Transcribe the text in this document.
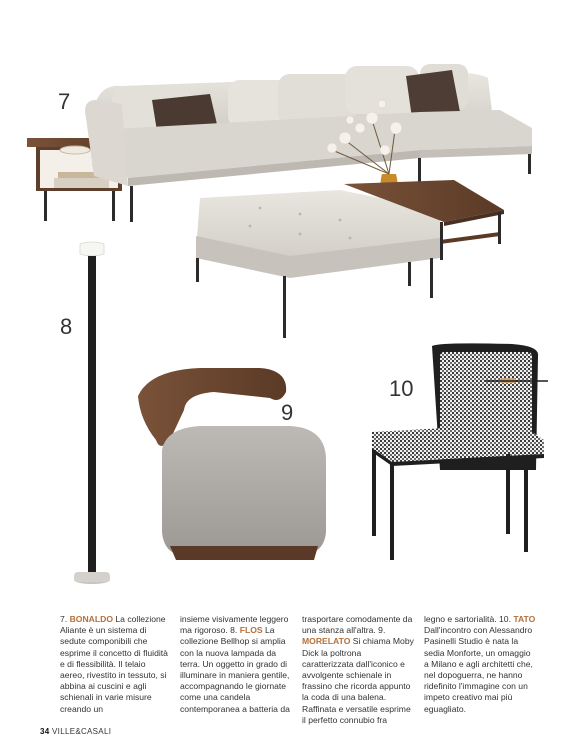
7
8
9
10
7. BONALDO La collezione Aliante è un sistema di sedute componibili che esprime il concetto di fluidità e di flessibilità. Il telaio aereo, rivestito in tessuto, si abbina ai cuscini e agli schienali in varie misure creando un
insieme visivamente leggero ma rigoroso. 8. FLOS La collezione Bellhop si amplia con la nuova lampada da terra. Un oggetto in grado di illuminare in maniera gentile, accompagnando le giornate come una candela contemporanea a batteria da
trasportare comodamente da una stanza all'altra. 9. MORELATO Si chiama Moby Dick la poltrona caratterizzata dall'iconico e avvolgente schienale in frassino che ricorda appunto la coda di una balena. Raffinata e versatile esprime il perfetto connubio fra
legno e sartorialità. 10. TATO Dall'incontro con Alessandro Pasinelli Studio è nata la sedia Monforte, un omaggio a Milano e agli architetti che, nel dopoguerra, ne hanno ridefinito l'immagine con un impeto creativo mai più eguagliato.
34 VILLE&CASALI
